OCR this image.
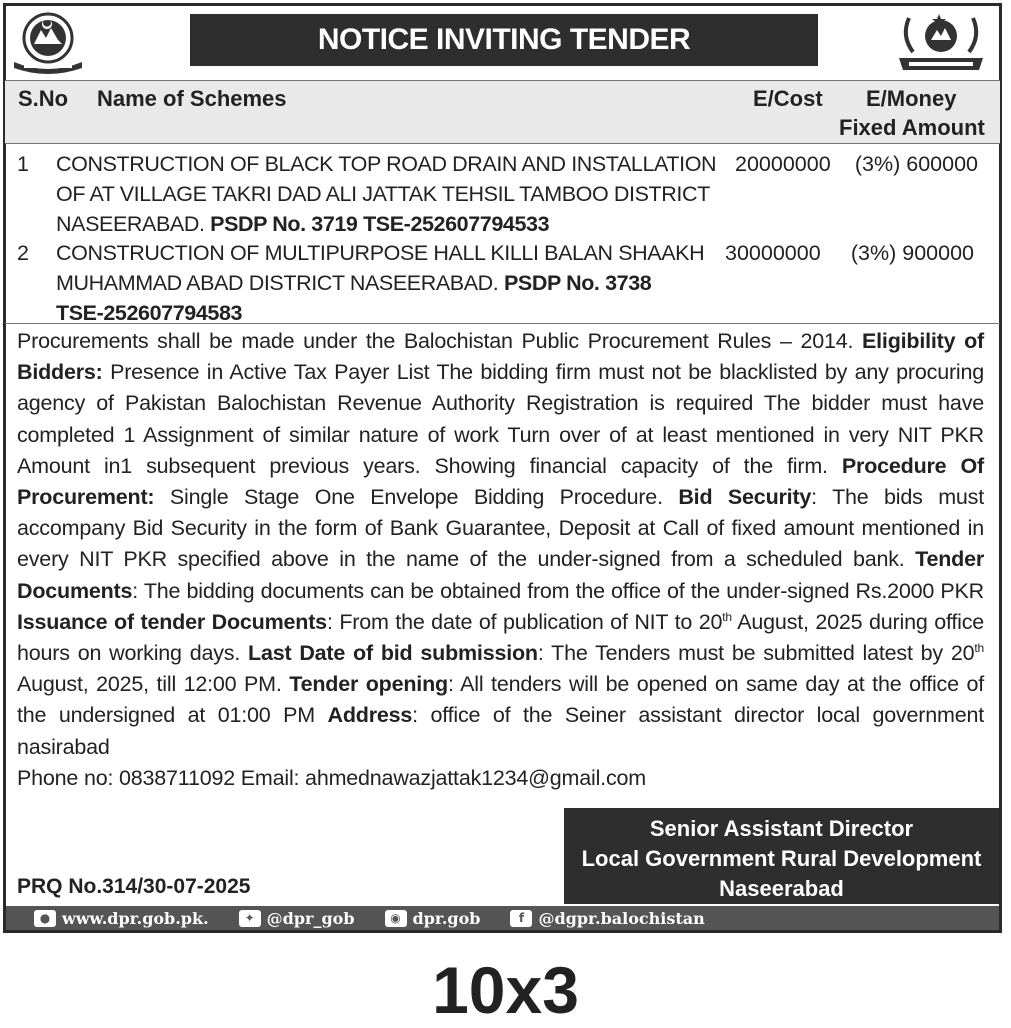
NOTICE INVITING TENDER
S.No Name of Schemes	E/Cost E/Money
Fixed Amount
1 CONSTRUCTION OF BLACK TOP ROAD DRAIN AND INSTALLATION
OF AT VILLAGE TAKRI DAD ALI JATTAK TEHSIL TAMBOO DISTRICT
NASEERABAD. PSDP No. 3719 TSE-252607794533
20000000 (3%) 600000
2 CONSTRUCTION OF MULTIPURPOSE HALL KILLI BALAN SHAAKH
MUHAMMAD ABAD DISTRICT NASEERABAD. PSDP No. 3738
TSE-252607794583
30000000 (3%) 900000
Procurements shall be made under the Balochistan Public Procurement Rules – 2014. Eligibility of Bidders: Presence in Active Tax Payer List The bidding firm must not be blacklisted by any procuring agency of Pakistan Balochistan Revenue Authority Registration is required The bidder must have completed 1 Assignment of similar nature of work Turn over of at least mentioned in very NIT PKR Amount in1 subsequent previous years. Showing financial capacity of the firm. Procedure Of Procurement: Single Stage One Envelope Bidding Procedure. Bid Security: The bids must accompany Bid Security in the form of Bank Guarantee, Deposit at Call of fixed amount mentioned in every NIT PKR specified above in the name of the under-signed from a scheduled bank. Tender Documents: The bidding documents can be obtained from the office of the under-signed Rs.2000 PKR Issuance of tender Documents: From the date of publication of NIT to 20th August, 2025 during office hours on working days. Last Date of bid submission: The Tenders must be submitted latest by 20th August, 2025, till 12:00 PM. Tender opening: All tenders will be opened on same day at the office of the undersigned at 01:00 PM Address: office of the Seiner assistant director local government nasirabad
Phone no: 0838711092 Email: ahmednawazjattak1234@gmail.com
Senior Assistant Director
Local Government Rural Development
Naseerabad
PRQ No.314/30-07-2025
● www.dpr.gob.pk.	✦ @dpr_gob	◉ dpr.gob	f @dgpr.balochistan
10x3
